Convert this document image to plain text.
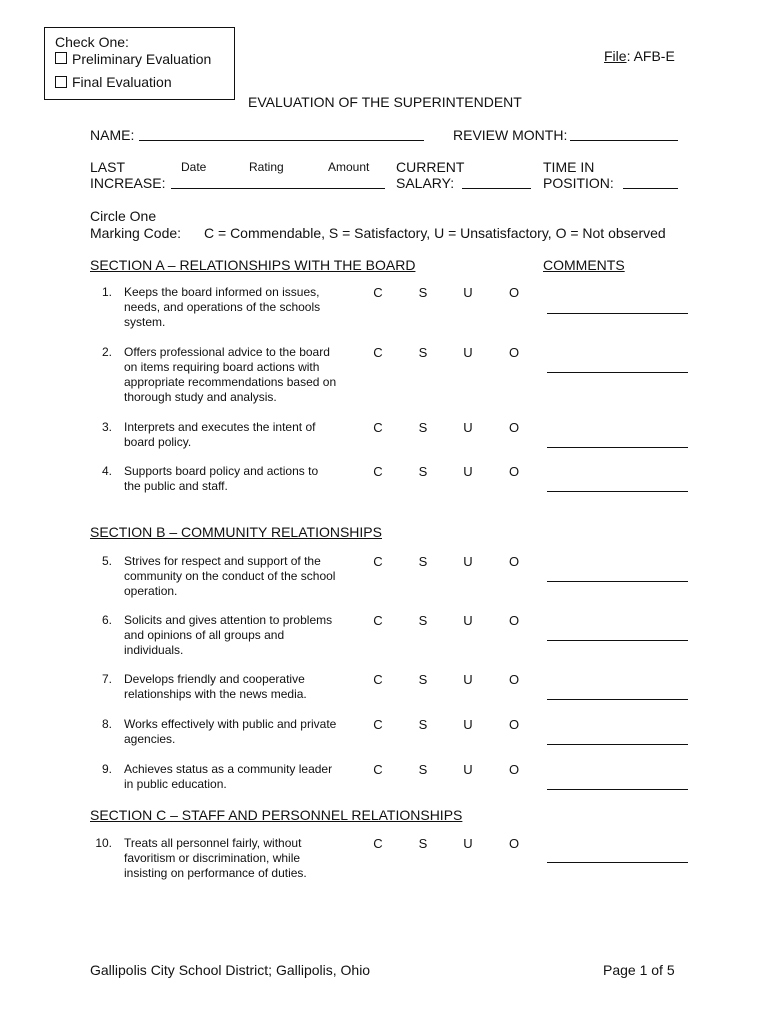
Check One:
Preliminary Evaluation
Final Evaluation
File: AFB-E
EVALUATION OF THE SUPERINTENDENT
NAME:	REVIEW MONTH:
LAST	Date	Rating	Amount
INCREASE:
CURRENT
SALARY:
TIME IN
POSITION:
Circle One
Marking Code: C = Commendable, S = Satisfactory, U = Unsatisfactory, O = Not observed
SECTION A – RELATIONSHIPS WITH THE BOARD	COMMENTS
1. Keeps the board informed on issues,
needs, and operations of the schools
system.
C	S	U	O
2. Offers professional advice to the board
on items requiring board actions with
appropriate recommendations based on
thorough study and analysis.
C	S	U	O
3. Interprets and executes the intent of
board policy.
C	S	U	O
4. Supports board policy and actions to
the public and staff.
C	S	U	O
SECTION B – COMMUNITY RELATIONSHIPS
5. Strives for respect and support of the
community on the conduct of the school
operation.
C	S	U	O
6. Solicits and gives attention to problems
and opinions of all groups and
individuals.
C	S	U	O
7. Develops friendly and cooperative
relationships with the news media.
C	S	U	O
8. Works effectively with public and private
agencies.
C	S	U	O
9. Achieves status as a community leader
in public education.
C	S	U	O
SECTION C – STAFF AND PERSONNEL RELATIONSHIPS
10. Treats all personnel fairly, without
favoritism or discrimination, while
insisting on performance of duties.
C	S	U	O
Gallipolis City School District; Gallipolis, Ohio	Page 1 of 5
